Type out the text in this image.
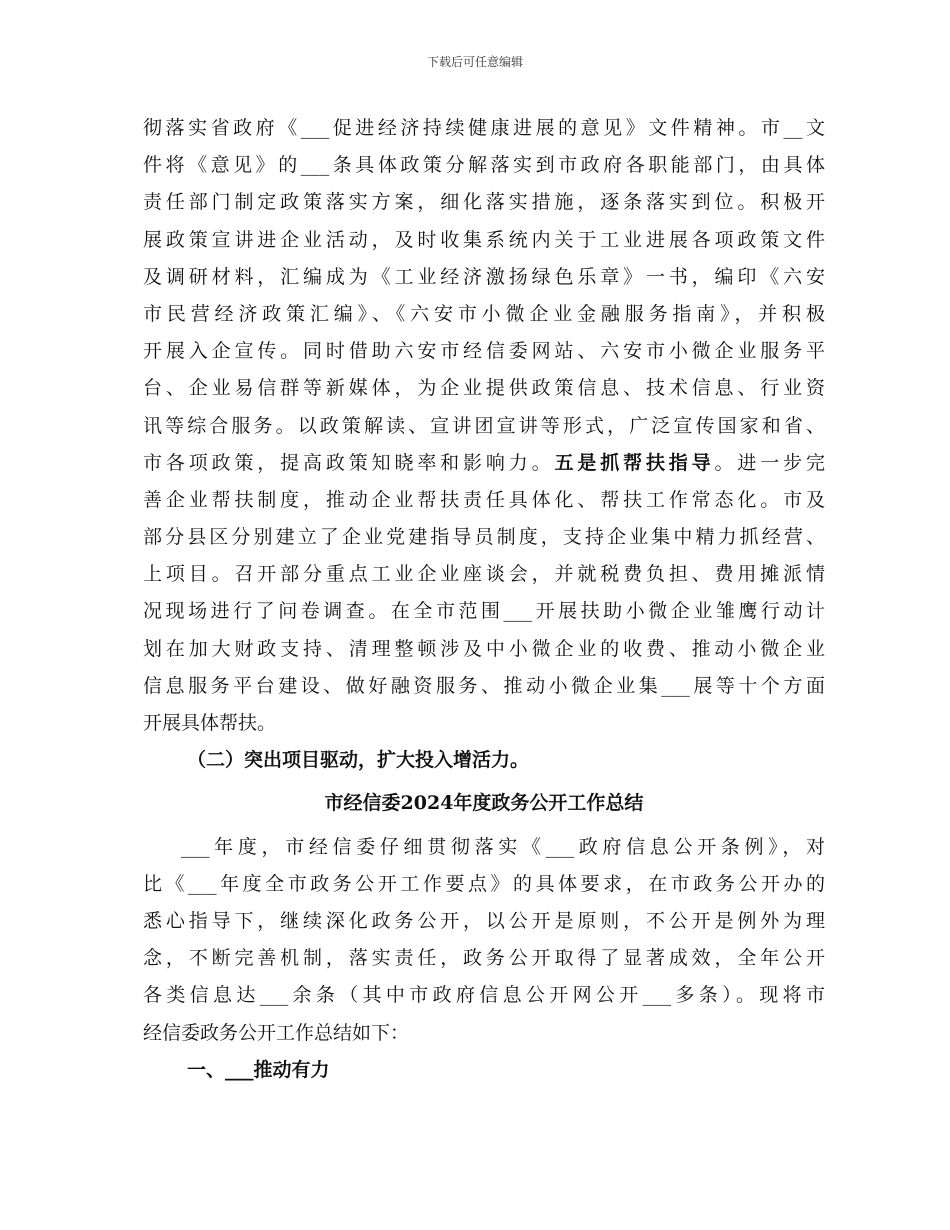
下载后可任意编辑
彻落实省政府《___促进经济持续健康进展的意见》文件精神。市__文
件将《意见》的___条具体政策分解落实到市政府各职能部门，由具体
责任部门制定政策落实方案，细化落实措施，逐条落实到位。积极开
展政策宣讲进企业活动，及时收集系统内关于工业进展各项政策文件
及调研材料，汇编成为《工业经济激扬绿色乐章》一书，编印《六安
市民营经济政策汇编》、《六安市小微企业金融服务指南》，并积极
开展入企宣传。同时借助六安市经信委网站、六安市小微企业服务平
台、企业易信群等新媒体，为企业提供政策信息、技术信息、行业资
讯等综合服务。以政策解读、宣讲团宣讲等形式，广泛宣传国家和省、
市各项政策，提高政策知晓率和影响力。五是抓帮扶指导。进一步完
善企业帮扶制度，推动企业帮扶责任具体化、帮扶工作常态化。市及
部分县区分别建立了企业党建指导员制度，支持企业集中精力抓经营、
上项目。召开部分重点工业企业座谈会，并就税费负担、费用摊派情
况现场进行了问卷调查。在全市范围___开展扶助小微企业雏鹰行动计
划在加大财政支持、清理整顿涉及中小微企业的收费、推动小微企业
信息服务平台建设、做好融资服务、推动小微企业集___展等十个方面
开展具体帮扶。
（二）突出项目驱动，扩大投入增活力。
市经信委2024年度政务公开工作总结
___年度，市经信委仔细贯彻落实《___政府信息公开条例》，对
比《___年度全市政务公开工作要点》的具体要求，在市政务公开办的
悉心指导下，继续深化政务公开，以公开是原则，不公开是例外为理
念，不断完善机制，落实责任，政务公开取得了显著成效，全年公开
各类信息达___余条（其中市政府信息公开网公开___多条）。现将市
经信委政务公开工作总结如下：
一、___推动有力
